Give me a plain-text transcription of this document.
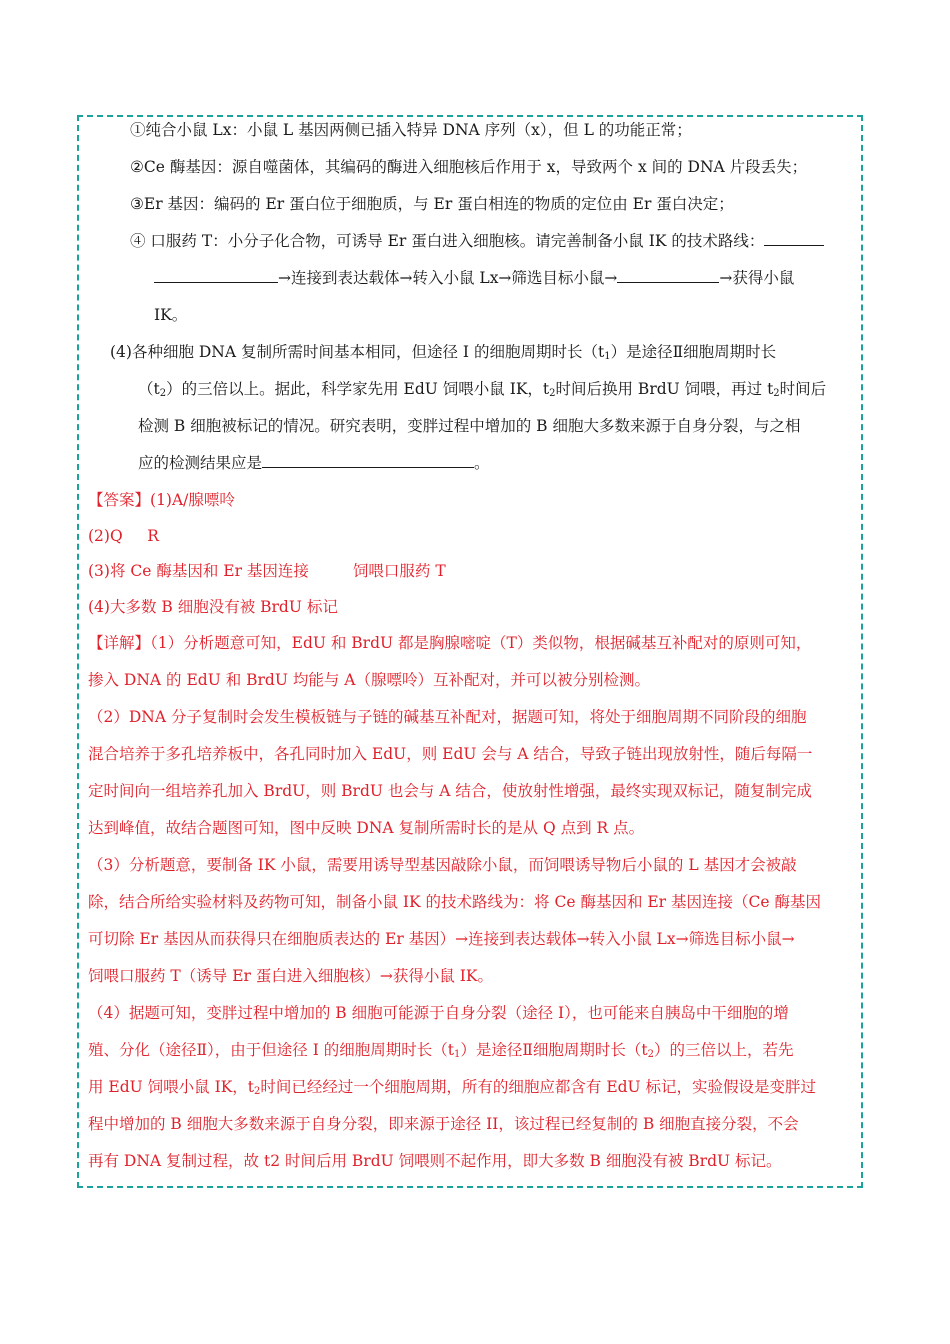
①纯合小鼠 Lx：小鼠 L 基因两侧已插入特异 DNA 序列（x），但 L 的功能正常；
②Ce 酶基因：源自噬菌体，其编码的酶进入细胞核后作用于 x，导致两个 x 间的 DNA 片段丢失；
③Er 基因：编码的 Er 蛋白位于细胞质，与 Er 蛋白相连的物质的定位由 Er 蛋白决定；
④ 口服药 T：小分子化合物，可诱导 Er 蛋白进入细胞核。请完善制备小鼠 IK 的技术路线：
→连接到表达载体→转入小鼠 Lx→筛选目标小鼠→	→获得小鼠
IK。
(4)各种细胞 DNA 复制所需时间基本相同，但途径 I 的细胞周期时长$(t_1)$是途径Ⅱ细胞周期时长
$(t_2)$的三倍以上。据此，科学家先用 EdU 饲喂小鼠 IK，$t_2$时间后换用 BrdU 饲喂，再过 $t_2$时间后
检测 B 细胞被标记的情况。研究表明，变胖过程中增加的 B 细胞大多数来源于自身分裂，与之相
应的检测结果应是	。
【答案】(1)A/腺嘌呤
(2)Q     R
(3)将 Ce 酶基因和 Er 基因连接	饲喂口服药 T
(4)大多数 B 细胞没有被 BrdU 标记
【详解】（1）分析题意可知，EdU 和 BrdU 都是胸腺嘧啶（T）类似物，根据碱基互补配对的原则可知，
掺入 DNA 的 EdU 和 BrdU 均能与 A（腺嘌呤）互补配对，并可以被分别检测。
（2）DNA 分子复制时会发生模板链与子链的碱基互补配对，据题可知，将处于细胞周期不同阶段的细胞
混合培养于多孔培养板中，各孔同时加入 EdU，则 EdU 会与 A 结合，导致子链出现放射性，随后每隔一
定时间向一组培养孔加入 BrdU，则 BrdU 也会与 A 结合，使放射性增强，最终实现双标记，随复制完成
达到峰值，故结合题图可知，图中反映 DNA 复制所需时长的是从 Q 点到 R 点。
（3）分析题意，要制备 IK 小鼠，需要用诱导型基因敲除小鼠，而饲喂诱导物后小鼠的 L 基因才会被敲
除，结合所给实验材料及药物可知，制备小鼠 IK 的技术路线为：将 Ce 酶基因和 Er 基因连接（Ce 酶基因
可切除 Er 基因从而获得只在细胞质表达的 Er 基因）→连接到表达载体→转入小鼠 Lx→筛选目标小鼠→
饲喂口服药 T（诱导 Er 蛋白进入细胞核）→获得小鼠 IK。
（4）据题可知，变胖过程中增加的 B 细胞可能源于自身分裂（途径 I），也可能来自胰岛中干细胞的增
殖、分化（途径Ⅱ），由于但途径 I 的细胞周期时长$(t_1)$是途径Ⅱ细胞周期时长$(t_2)$的三倍以上，若先
用 EdU 饲喂小鼠 IK，$t_2$时间已经经过一个细胞周期，所有的细胞应都含有 EdU 标记，实验假设是变胖过
程中增加的 B 细胞大多数来源于自身分裂，即来源于途径 II，该过程已经复制的 B 细胞直接分裂，不会
再有 DNA 复制过程，故 t2 时间后用 BrdU 饲喂则不起作用，即大多数 B 细胞没有被 BrdU 标记。
